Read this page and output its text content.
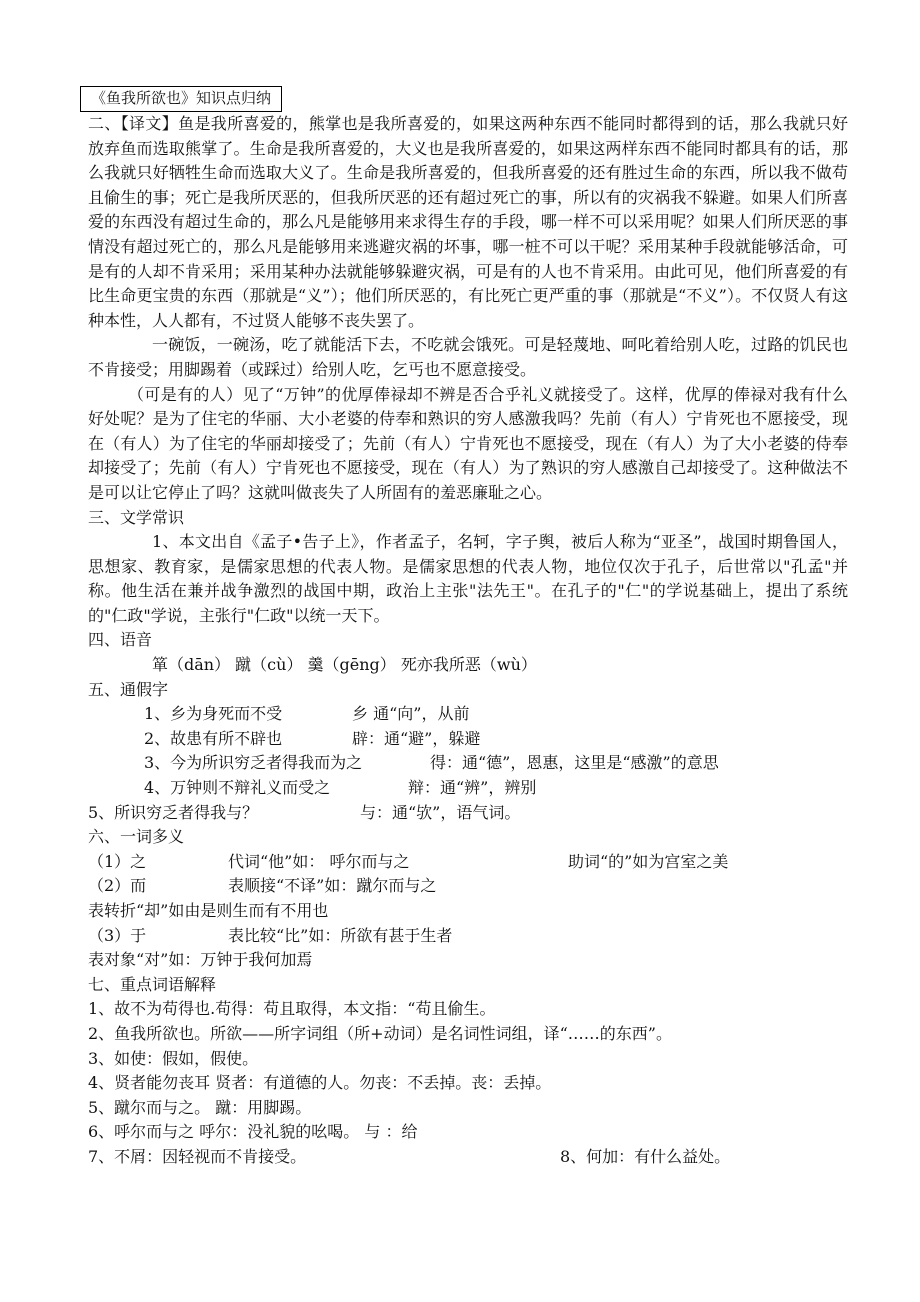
《鱼我所欲也》知识点归纳

二、【译文】鱼是我所喜爱的，熊掌也是我所喜爱的，如果这两种东西不能同时都得到的话，那么我就只好放弃鱼而选取熊掌了。生命是我所喜爱的，大义也是我所喜爱的，如果这两样东西不能同时都具有的话，那么我就只好牺牲生命而选取大义了。生命是我所喜爱的，但我所喜爱的还有胜过生命的东西，所以我不做苟且偷生的事；死亡是我所厌恶的，但我所厌恶的还有超过死亡的事，所以有的灾祸我不躲避。如果人们所喜爱的东西没有超过生命的，那么凡是能够用来求得生存的手段，哪一样不可以采用呢？如果人们所厌恶的事情没有超过死亡的，那么凡是能够用来逃避灾祸的坏事，哪一桩不可以干呢？采用某种手段就能够活命，可是有的人却不肯采用；采用某种办法就能够躲避灾祸，可是有的人也不肯采用。由此可见，他们所喜爱的有比生命更宝贵的东西（那就是“义”）；他们所厌恶的，有比死亡更严重的事（那就是“不义”）。不仅贤人有这种本性，人人都有，不过贤人能够不丧失罢了。

一碗饭，一碗汤，吃了就能活下去，不吃就会饿死。可是轻蔑地、呵叱着给别人吃，过路的饥民也不肯接受；用脚踢着（或踩过）给别人吃，乞丐也不愿意接受。

（可是有的人）见了“万钟”的优厚俸禄却不辨是否合乎礼义就接受了。这样，优厚的俸禄对我有什么好处呢？是为了住宅的华丽、大小老婆的侍奉和熟识的穷人感激我吗？先前（有人）宁肯死也不愿接受，现在（有人）为了住宅的华丽却接受了；先前（有人）宁肯死也不愿接受，现在（有人）为了大小老婆的侍奉却接受了；先前（有人）宁肯死也不愿接受，现在（有人）为了熟识的穷人感激自己却接受了。这种做法不是可以让它停止了吗？这就叫做丧失了人所固有的羞恶廉耻之心。

三、文学常识

1、本文出自《孟子•告子上》，作者孟子，名轲，字子舆，被后人称为“亚圣”，战国时期鲁国人，思想家、教育家，是儒家思想的代表人物。是儒家思想的代表人物，地位仅次于孔子，后世常以"孔孟"并称。他生活在兼并战争激烈的战国中期，政治上主张"法先王"。在孔子的"仁"的学说基础上，提出了系统的"仁政"学说，主张行"仁政"以统一天下。

四、语音

箪（dān） 蹴（cù） 羹（gēng） 死亦我所恶（wù）

五、通假字

1、乡为身死而不受	乡 通“向”，从前
2、故患有所不辟也	辟：通“避”，躲避
3、今为所识穷乏者得我而为之	得：通“德”，恩惠，这里是“感激”的意思
4、万钟则不辩礼义而受之	辩：通“辨”，辨别
5、所识穷乏者得我与？	与：通“欤”，语气词。

六、一词多义

（1）之	代词“他”如： 呼尔而与之	助词“的”如为宫室之美
（2）而	表顺接“不译”如：蹴尔而与之
表转折“却”如由是则生而有不用也
（3）于	表比较“比”如：所欲有甚于生者
表对象“对”如：万钟于我何加焉

七、重点词语解释

1、故不为苟得也.苟得：苟且取得，本文指：“苟且偷生。

2、鱼我所欲也。所欲——所字词组（所+动词）是名词性词组，译“……的东西”。

3、如使：假如，假使。

4、贤者能勿丧耳 贤者：有道德的人。勿丧：不丢掉。丧：丢掉。

5、蹴尔而与之。 蹴：用脚踢。

6、呼尔而与之 呼尔：没礼貌的吆喝。 与 ：给

7、不屑：因轻视而不肯接受。	8、何加：有什么益处。
